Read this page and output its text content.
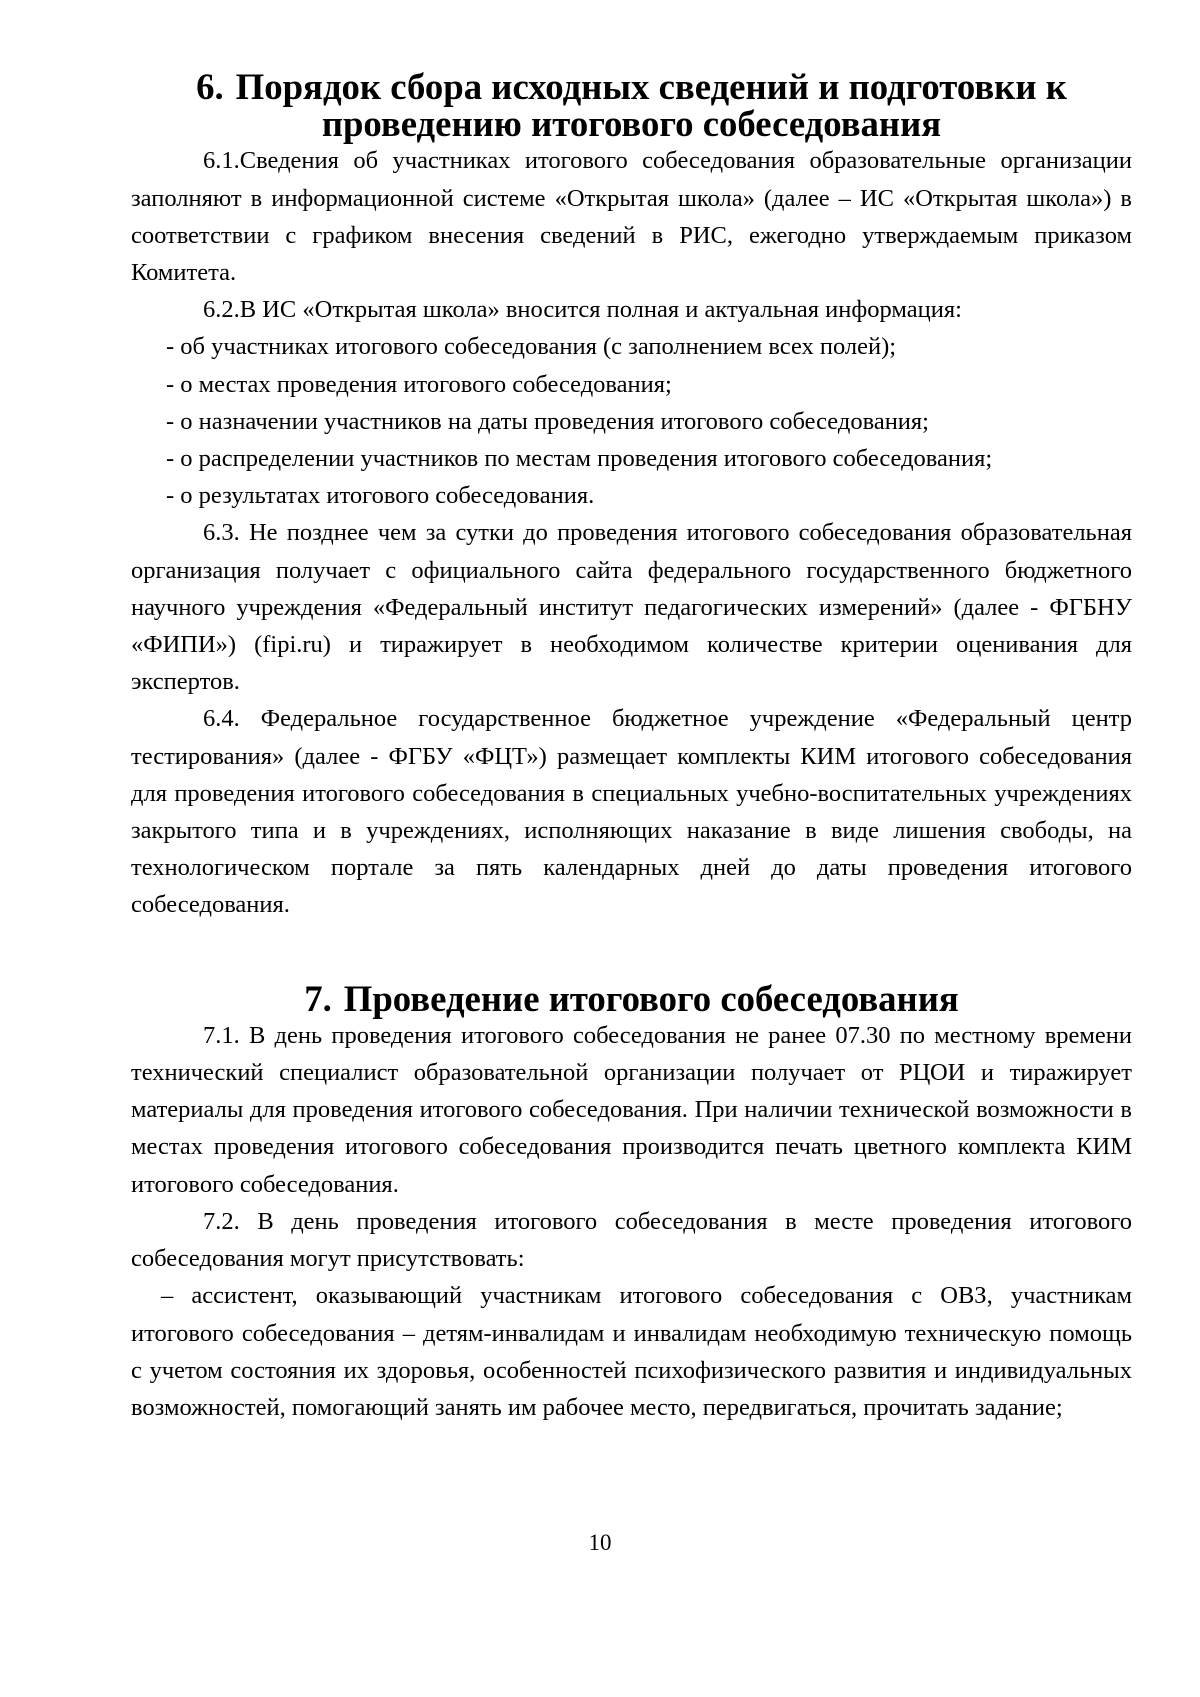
6. Порядок сбора исходных сведений и подготовки к проведению итогового собеседования

6.1.Сведения об участниках итогового собеседования образовательные организации заполняют в информационной системе «Открытая школа» (далее – ИС «Открытая школа») в соответствии с графиком внесения сведений в РИС, ежегодно утверждаемым приказом Комитета.

6.2.В ИС «Открытая школа» вносится полная и актуальная информация:

- об участниках итогового собеседования (с заполнением всех полей);

- о местах проведения итогового собеседования;

- о назначении участников на даты проведения итогового собеседования;

- о распределении участников по местам проведения итогового собеседования;

- о результатах итогового собеседования.

6.3. Не позднее чем за сутки до проведения итогового собеседования образовательная организация получает с официального сайта федерального государственного бюджетного научного учреждения «Федеральный институт педагогических измерений» (далее - ФГБНУ «ФИПИ») (fipi.ru) и тиражирует в необходимом количестве критерии оценивания для экспертов.

6.4. Федеральное государственное бюджетное учреждение «Федеральный центр тестирования» (далее - ФГБУ «ФЦТ») размещает комплекты КИМ итогового собеседования для проведения итогового собеседования в специальных учебно-воспитательных учреждениях закрытого типа и в учреждениях, исполняющих наказание в виде лишения свободы, на технологическом портале за пять календарных дней до даты проведения итогового собеседования.

7. Проведение итогового собеседования

7.1. В день проведения итогового собеседования не ранее 07.30 по местному времени технический специалист образовательной организации получает от РЦОИ и тиражирует материалы для проведения итогового собеседования. При наличии технической возможности в местах проведения итогового собеседования производится печать цветного комплекта КИМ итогового собеседования.

7.2. В день проведения итогового собеседования в месте проведения итогового собеседования могут присутствовать:

– ассистент, оказывающий участникам итогового собеседования с ОВЗ, участникам итогового собеседования – детям-инвалидам и инвалидам необходимую техническую помощь с учетом состояния их здоровья, особенностей психофизического развития и индивидуальных возможностей, помогающий занять им рабочее место, передвигаться, прочитать задание;

10
